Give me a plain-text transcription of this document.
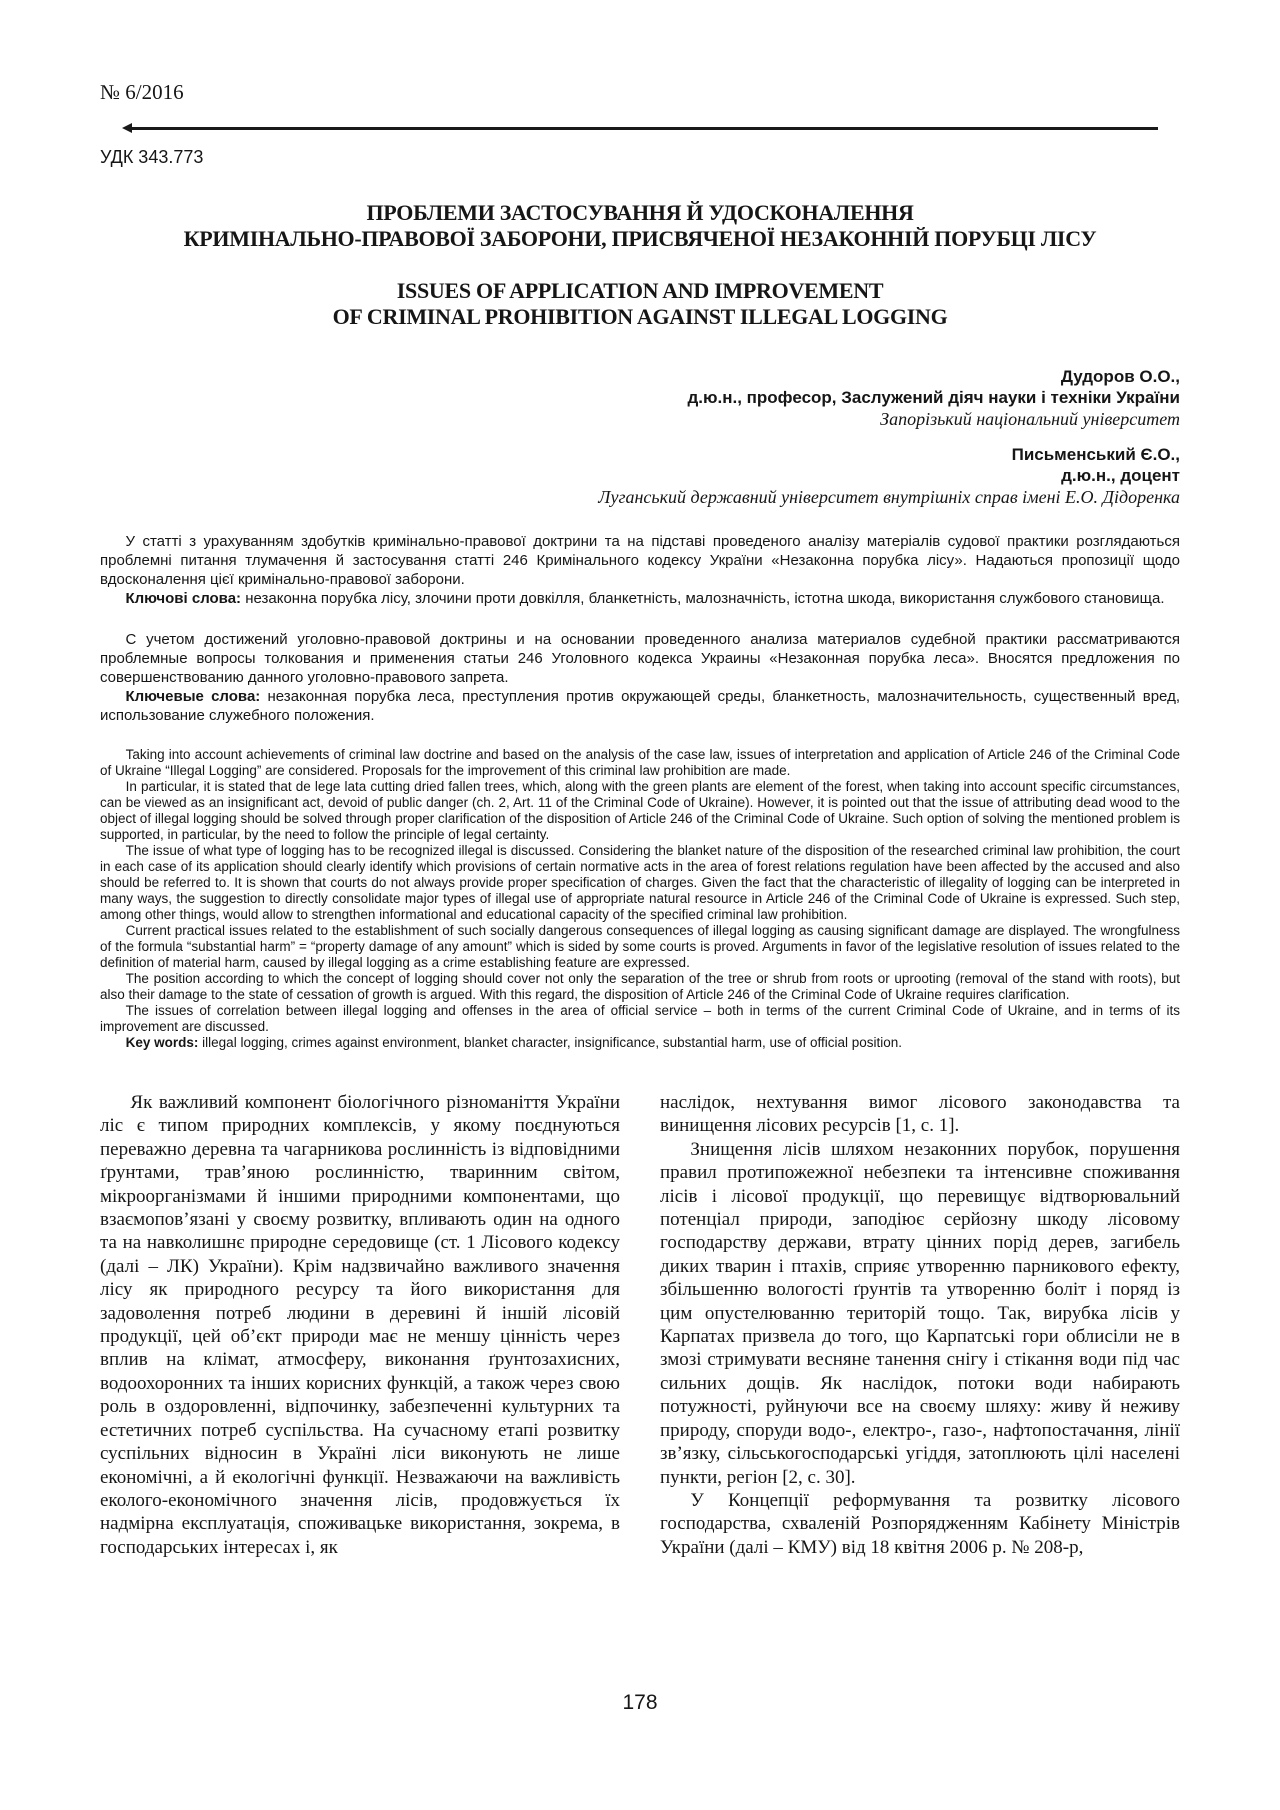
№ 6/2016
УДК 343.773
ПРОБЛЕМИ ЗАСТОСУВАННЯ Й УДОСКОНАЛЕННЯ
КРИМІНАЛЬНО-ПРАВОВОЇ ЗАБОРОНИ, ПРИСВЯЧЕНОЇ НЕЗАКОННІЙ ПОРУБЦІ ЛІСУ
ISSUES OF APPLICATION AND IMPROVEMENT
OF CRIMINAL PROHIBITION AGAINST ILLEGAL LOGGING
Дудоров О.О.,
д.ю.н., професор, Заслужений діяч науки і техніки України
Запорізький національний університет
Письменський Є.О.,
д.ю.н., доцент
Луганський державний університет внутрішніх справ імені Е.О. Дідоренка

У статті з урахуванням здобутків кримінально-правової доктрини та на підставі проведеного аналізу матеріалів судової практики розглядаються проблемні питання тлумачення й застосування статті 246 Кримінального кодексу України «Незаконна порубка лісу». Надаються пропозиції щодо вдосконалення цієї кримінально-правової заборони.

Ключові слова: незаконна порубка лісу, злочини проти довкілля, бланкетність, малозначність, істотна шкода, використання службового становища.

С учетом достижений уголовно-правовой доктрины и на основании проведенного анализа материалов судебной практики рассматриваются проблемные вопросы толкования и применения статьи 246 Уголовного кодекса Украины «Незаконная порубка леса». Вносятся предложения по совершенствованию данного уголовно-правового запрета.

Ключевые слова: незаконная порубка леса, преступления против окружающей среды, бланкетность, малозначительность, существенный вред, использование служебного положения.

Taking into account achievements of criminal law doctrine and based on the analysis of the case law, issues of interpretation and application of Article 246 of the Criminal Code of Ukraine “Illegal Logging” are considered. Proposals for the improvement of this criminal law prohibition are made.

In particular, it is stated that de lege lata cutting dried fallen trees, which, along with the green plants are element of the forest, when taking into account specific circumstances, can be viewed as an insignificant act, devoid of public danger (ch. 2, Art. 11 of the Criminal Code of Ukraine). However, it is pointed out that the issue of attributing dead wood to the object of illegal logging should be solved through proper clarification of the disposition of Article 246 of the Criminal Code of Ukraine. Such option of solving the mentioned problem is supported, in particular, by the need to follow the principle of legal certainty.

The issue of what type of logging has to be recognized illegal is discussed. Considering the blanket nature of the disposition of the researched criminal law prohibition, the court in each case of its application should clearly identify which provisions of certain normative acts in the area of forest relations regulation have been affected by the accused and also should be referred to. It is shown that courts do not always provide proper specification of charges. Given the fact that the characteristic of illegality of logging can be interpreted in many ways, the suggestion to directly consolidate major types of illegal use of appropriate natural resource in Article 246 of the Criminal Code of Ukraine is expressed. Such step, among other things, would allow to strengthen informational and educational capacity of the specified criminal law prohibition.

Current practical issues related to the establishment of such socially dangerous consequences of illegal logging as causing significant damage are displayed. The wrongfulness of the formula “substantial harm” = “property damage of any amount” which is sided by some courts is proved. Arguments in favor of the legislative resolution of issues related to the definition of material harm, caused by illegal logging as a crime establishing feature are expressed.

The position according to which the concept of logging should cover not only the separation of the tree or shrub from roots or uprooting (removal of the stand with roots), but also their damage to the state of cessation of growth is argued. With this regard, the disposition of Article 246 of the Criminal Code of Ukraine requires clarification.

The issues of correlation between illegal logging and offenses in the area of official service – both in terms of the current Criminal Code of Ukraine, and in terms of its improvement are discussed.

Key words: illegal logging, crimes against environment, blanket character, insignificance, substantial harm, use of official position.

Як важливий компонент біологічного різноманіття України ліс є типом природних комплексів, у якому поєднуються переважно деревна та чагарникова рослинність із відповідними ґрунтами, трав’яною рослинністю, тваринним світом, мікроорганізмами й іншими природними компонентами, що взаємопов’язані у своєму розвитку, впливають один на одного та на навколишнє природне середовище (ст. 1 Лісового кодексу (далі – ЛК) України). Крім надзвичайно важливого значення лісу як природного ресурсу та його використання для задоволення потреб людини в деревині й іншій лісовій продукції, цей об’єкт природи має не меншу цінність через вплив на клімат, атмосферу, виконання ґрунтозахисних, водоохоронних та інших корисних функцій, а також через свою роль в оздоровленні, відпочинку, забезпеченні культурних та естетичних потреб суспільства. На сучасному етапі розвитку суспільних відносин в Україні ліси виконують не лише економічні, а й екологічні функції. Незважаючи на важливість еколого-економічного значення лісів, продовжується їх надмірна експлуатація, споживацьке використання, зокрема, в господарських інтересах і, як

наслідок, нехтування вимог лісового законодавства та винищення лісових ресурсів [1, с. 1].

Знищення лісів шляхом незаконних порубок, порушення правил протипожежної небезпеки та інтенсивне споживання лісів і лісової продукції, що перевищує відтворювальний потенціал природи, заподіює серйозну шкоду лісовому господарству держави, втрату цінних порід дерев, загибель диких тварин і птахів, сприяє утворенню парникового ефекту, збільшенню вологості ґрунтів та утворенню боліт і поряд із цим опустелюванню територій тощо. Так, вирубка лісів у Карпатах призвела до того, що Карпатські гори облисіли не в змозі стримувати весняне танення снігу і стікання води під час сильних дощів. Як наслідок, потоки води набирають потужності, руйнуючи все на своєму шляху: живу й неживу природу, споруди водо-, електро-, газо-, нафтопостачання, лінії зв’язку, сільськогосподарські угіддя, затоплюють цілі населені пункти, регіон [2, с. 30].

У Концепції реформування та розвитку лісового господарства, схваленій Розпорядженням Кабінету Міністрів України (далі – КМУ) від 18 квітня 2006 р. № 208-р,

178
